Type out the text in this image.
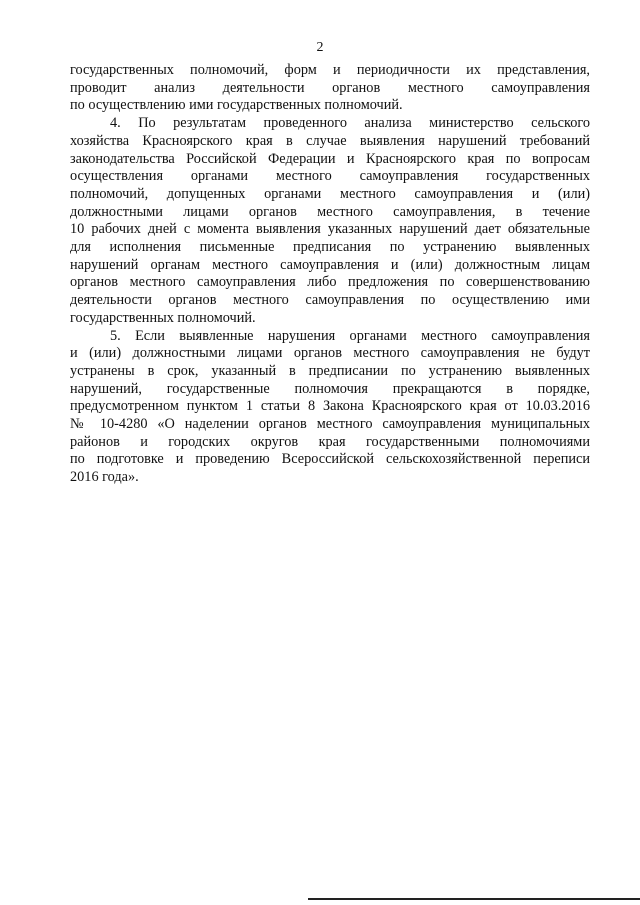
2

государственных полномочий, форм и периодичности их представления,
проводит анализ деятельности органов местного самоуправления
по осуществлению ими государственных полномочий.

4. По результатам проведенного анализа министерство сельского
хозяйства Красноярского края в случае выявления нарушений требований
законодательства Российской Федерации и Красноярского края по вопросам
осуществления органами местного самоуправления государственных
полномочий, допущенных органами местного самоуправления и (или)
должностными лицами органов местного самоуправления, в течение
10 рабочих дней с момента выявления указанных нарушений дает обязательные
для исполнения письменные предписания по устранению выявленных
нарушений органам местного самоуправления и (или) должностным лицам
органов местного самоуправления либо предложения по совершенствованию
деятельности органов местного самоуправления по осуществлению ими
государственных полномочий.

5. Если выявленные нарушения органами местного самоуправления
и (или) должностными лицами органов местного самоуправления не будут
устранены в срок, указанный в предписании по устранению выявленных
нарушений, государственные полномочия прекращаются в порядке,
предусмотренном пунктом 1 статьи 8 Закона Красноярского края от 10.03.2016
№ 10-4280 «О наделении органов местного самоуправления муниципальных
районов и городских округов края государственными полномочиями
по подготовке и проведению Всероссийской сельскохозяйственной переписи
2016 года».
